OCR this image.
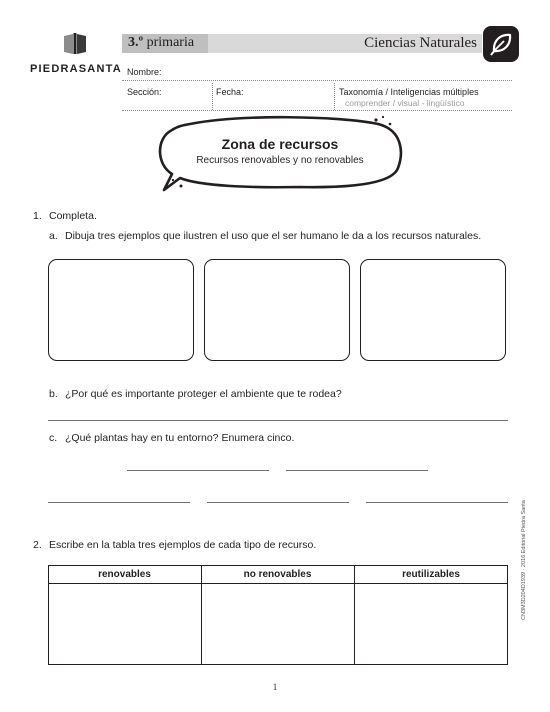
PIEDRASANTA
3.º primaria	Ciencias Naturales
Nombre:
Sección:	Fecha:	Taxonomía / Inteligencias múltiples
comprender / visual - lingüístico
Zona de recursos
Recursos renovables y no renovables
1. Completa.
a. Dibuja tres ejemplos que ilustren el uso que el ser humano le da a los recursos naturales.
b. ¿Por qué es importante proteger el ambiente que te rodea?
c. ¿Qué plantas hay en tu entorno? Enumera cinco.
2. Escribe en la tabla tres ejemplos de cada tipo de recurso.
renovables	no renovables	reutilizables
1
CN3M3D204D1939 · 2016 Editorial Piedra Santa
